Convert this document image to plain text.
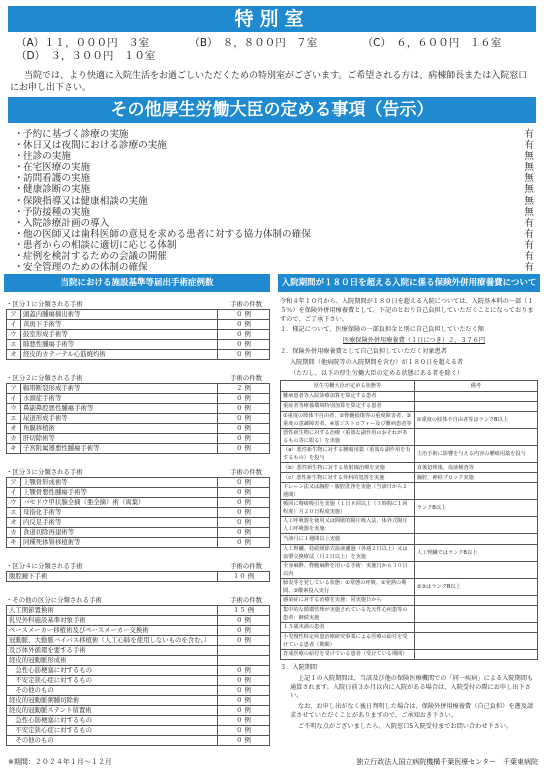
特別室
（A）１１，０００円　 ３室	（B）　８，８００円　 ７室	（C）　６，６００円　 １６室
（D）　３，３００円　 １０室
当院では、より快適に入院生活をお過ごしいただくための特別室がございます。ご希望される方は、病棟師長または入院窓口にお申し出下さい。
その他厚生労働大臣の定める事項（告示）
・予約に基づく診療の実施	有
・休日又は夜間における診療の実施	有
・往診の実施	無
・在宅医療の実施	無
・訪問看護の実施	無
・健康診断の実施	無
・保険指導又は健康相談の実施	無
・予防接種の実施	無
・入院診療計画の導入	有
・他の医師又は歯科医師の意見を求める患者に対する協力体制の確保	有
・患者からの相談に適切に応じる体制	有
・症例を検討するための会議の開催	有
・安全管理のための体制の確保	有
当院における施設基準等届出手術症例数	入院期間が１８０日を超える入院に係る保険外併用療養費について
・区分１に分類される手術	手術の件数
ア	頭蓋内腫瘍摘出術等	０ 例
イ	黄斑下手術等	０ 例
ウ	鼓室形成手術等	０ 例
エ	肺悪性腫瘍手術等	０ 例
オ	経皮的カテーテル心筋焼灼術	０ 例
・区分２に分類される手術	手術の件数
ア	靱帯断裂形成手術等	２ 例
イ	水頭症手術等	０ 例
ウ	鼻副鼻腔悪性腫瘍手術等	０ 例
エ	尿道形成手術等	０ 例
オ	角膜移植術	０ 例
カ	肝切除術等	０ 例
キ	子宮附属器悪性腫瘍手術等	０ 例
・区分３に分類される手術	手術の件数
ア	上顎骨形成術等	０ 例
イ	上顎骨悪性腫瘍手術等	０ 例
ウ	バセドウ甲状腺全摘（亜全摘）術（両葉）	０ 例
エ	母指化手術等	０ 例
オ	内反足手術等	０ 例
カ	食道切除再建術等	０ 例
キ	同種死体腎移植術等	０ 例
・区分４に分類される手術	手術の件数
腹腔鏡下手術	１０ 例
・その他の区分に分類される手術	手術の件数
人工関節置換術	１５ 例
乳児外科施設基準対象手術	０ 例
ペースメーカー移植術及びペースメーカー交換術	０ 例
冠動脈、大動脈バイパス移植術（人工心肺を使用しないものを含む。）	０ 例
及び体外循環を要する手術	
経皮的冠動脈形成術	
　急性心筋梗塞に対するもの	０ 例
　不安定狭心症に対するもの	０ 例
　その他のもの	０ 例
経皮的冠動脈粥腫切除術	０ 例
経皮的冠動脈ステント留置術	０ 例
　急性心筋梗塞に対するもの	０ 例
　不安定狭心症に対するもの	０ 例
　その他のもの	０ 例

令和４年１０月から、入院期間が１８０日を超える入院については、入院基本料の一部（１５％）を保険外併用療養費として、下記のとおり自己負担していただくことになっておりますので、ご了承下さい。

１．様記について、医療保険の一部負担金と別に自己負担していただく額

医療保険外併用療養費（１日につき）２，３７６円

２．保険外併用療養費として自己負担していただく対象患者

入院期間（他病院等の入院期間を含む）が１８０日を超える者

（ただし、以下の厚生労働大臣の定める状態にある者を除く）

厚生労働大臣が定める状態等	備考
難病患者等入院診療加算を算定する患者	
重症者等療養環境特別加算を算定する患者	
①重度の肢体不自由者、②脊髄損傷等の重度障害者、③重度の意識障害者、④筋ジストロフィー及び難病患者等	①重度の肢体不自由者等はランクB以上
悪性新生物に対する治療（重篤な副作用のおそれがあるもの等に限る）を実施	
（a）悪性新生物に対する腫瘍用薬（重篤な副作用を有するもの）を投与	主治手術に影響を与える内容の腫瘍用薬を投与
（b）悪性新生物に対する放射線治療を実施	直後処理後、血液検査等
（c）悪性新生物に対する外科的処置を実施	胸腔、神経ブロック実施
ドレーン法又は胸腔・腹腔洗浄を実施（当該日から２週間）	
頻回に喀痰吸引を実施（１日８回以上（３時間に１回程度）月２０日程度実施）	ランクB以上
人工呼吸器を使用又は間歇的陽圧吸入法、体外式陽圧人工呼吸器を実施：	
当該月に１週間以上実施	
人工腎臓、持続緩徐式血液濾過（各週２日以上）又は血漿交換療法（月２日以上）を実施	人工腎臓ではランクB以上
全身麻酔、脊髄麻酔を用いる手術：実施日から３０日以内	
肺炎等を発している状態：①常態の呼吸、②発熱の期間、③酸素投入実行	②③はランクB以上
感染症に対する治療を実施：同実施日から	
集中的な循環管理が実施されている先天性心疾患等の患者：継続実施	
１５歳未満の患者	
小児慢性特定疾患治療研究事業による医療の給付を受けている患者（期間）	
育成医療の給付を受けている患者（受けている期間）	

３．入院期間

上記１の入院期間は、当該及び他の保険医療機関での「同一疾病」による入院期間も通算されます。入院日前３か月以内に入院がある場合は、入院受付の際にお申し出下さい。

なお、お申し出がなく後日判明した場合は、保険外併用療養費（自己負担）を遡及請求させていただくことがありますので、ご承知おき下さい。

ご不明な点がございましたら、入院窓口5入院受付までお問い合わせ下さい。

※期間：２０２４年１月～１２月	独立行政法人国立病院機構千葉医療センター　千葉東病院
